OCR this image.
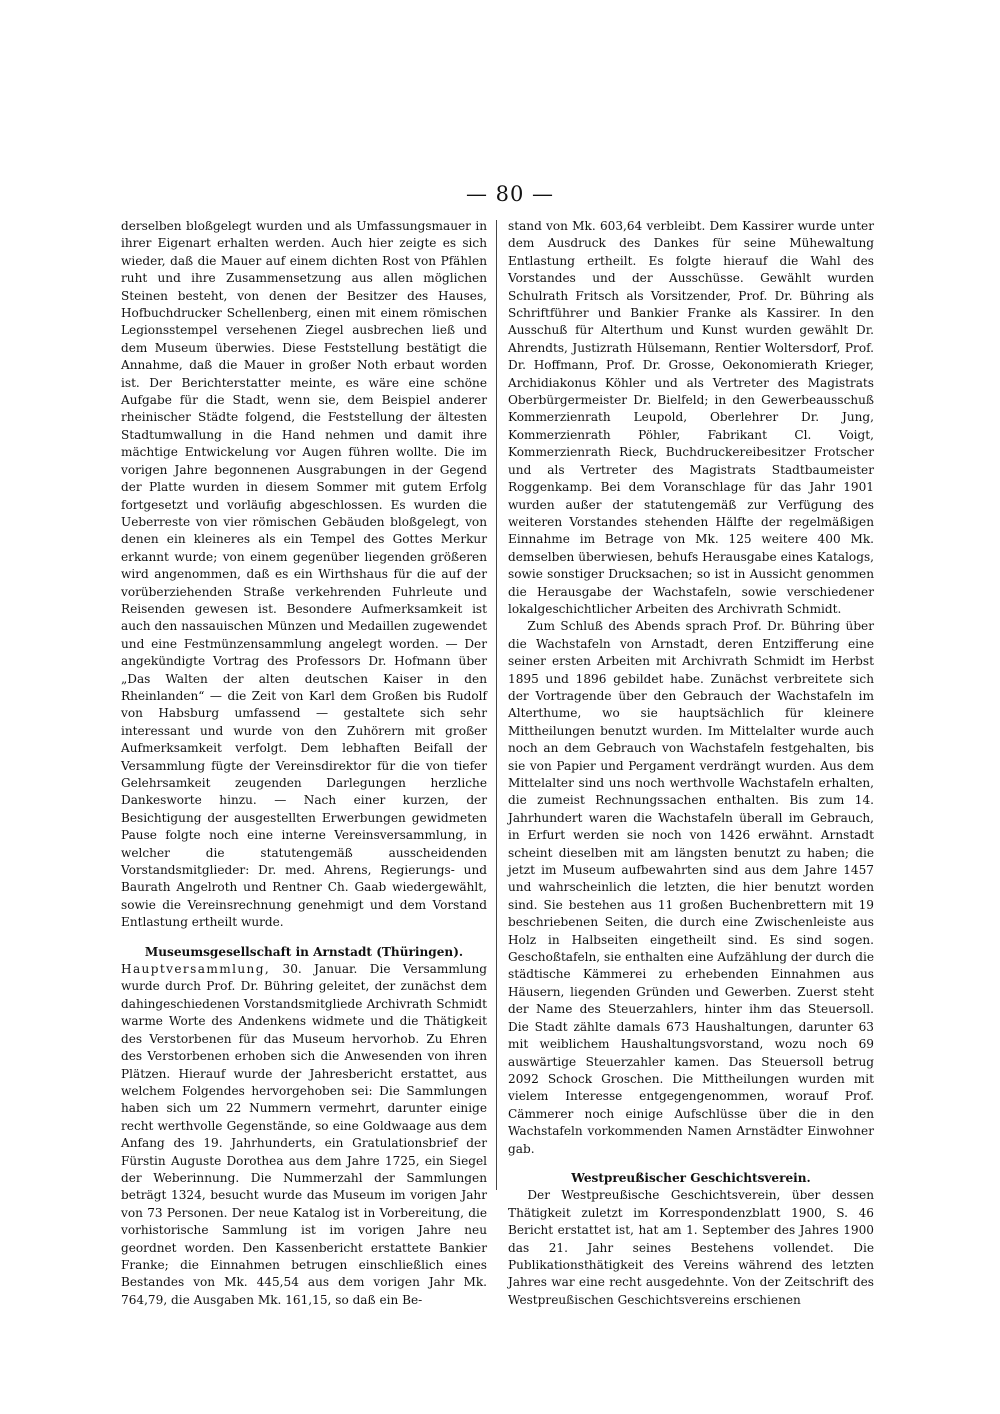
— 80 —

derselben bloßgelegt wurden und als Umfassungsmauer in ihrer Eigenart erhalten werden. Auch hier zeigte es sich wieder, daß die Mauer auf einem dichten Rost von Pfählen ruht und ihre Zusammensetzung aus allen möglichen Steinen besteht, von denen der Besitzer des Hauses, Hofbuchdrucker Schellenberg, einen mit einem römischen Legionsstempel versehenen Ziegel ausbrechen ließ und dem Museum überwies. Diese Feststellung bestätigt die Annahme, daß die Mauer in großer Noth erbaut worden ist. Der Berichterstatter meinte, es wäre eine schöne Aufgabe für die Stadt, wenn sie, dem Beispiel anderer rheinischer Städte folgend, die Feststellung der ältesten Stadtumwallung in die Hand nehmen und damit ihre mächtige Entwickelung vor Augen führen wollte. Die im vorigen Jahre begonnenen Ausgrabungen in der Gegend der Platte wurden in diesem Sommer mit gutem Erfolg fortgesetzt und vorläufig abgeschlossen. Es wurden die Ueberreste von vier römischen Gebäuden bloßgelegt, von denen ein kleineres als ein Tempel des Gottes Merkur erkannt wurde; von einem gegenüber liegenden größeren wird angenommen, daß es ein Wirthshaus für die auf der vorüberziehenden Straße verkehrenden Fuhrleute und Reisenden gewesen ist. Besondere Aufmerksamkeit ist auch den nassauischen Münzen und Medaillen zugewendet und eine Festmünzensammlung angelegt worden. — Der angekündigte Vortrag des Professors Dr. Hofmann über „Das Walten der alten deutschen Kaiser in den Rheinlanden“ — die Zeit von Karl dem Großen bis Rudolf von Habsburg umfassend — gestaltete sich sehr interessant und wurde von den Zuhörern mit großer Aufmerksamkeit verfolgt. Dem lebhaften Beifall der Versammlung fügte der Vereinsdirektor für die von tiefer Gelehrsamkeit zeugenden Darlegungen herzliche Dankesworte hinzu. — Nach einer kurzen, der Besichtigung der ausgestellten Erwerbungen gewidmeten Pause folgte noch eine interne Vereinsversammlung, in welcher die statutengemäß ausscheidenden Vorstandsmitglieder: Dr. med. Ahrens, Regierungs- und Baurath Angelroth und Rentner Ch. Gaab wiedergewählt, sowie die Vereinsrechnung genehmigt und dem Vorstand Entlastung ertheilt wurde.

Museumsgesellschaft in Arnstadt (Thüringen).

Hauptversammlung, 30. Januar. Die Versammlung wurde durch Prof. Dr. Bühring geleitet, der zunächst dem dahingeschiedenen Vorstandsmitgliede Archivrath Schmidt warme Worte des Andenkens widmete und die Thätigkeit des Verstorbenen für das Museum hervorhob. Zu Ehren des Verstorbenen erhoben sich die Anwesenden von ihren Plätzen. Hierauf wurde der Jahresbericht erstattet, aus welchem Folgendes hervorgehoben sei: Die Sammlungen haben sich um 22 Nummern vermehrt, darunter einige recht werthvolle Gegenstände, so eine Goldwaage aus dem Anfang des 19. Jahrhunderts, ein Gratulationsbrief der Fürstin Auguste Dorothea aus dem Jahre 1725, ein Siegel der Weberinnung. Die Nummerzahl der Sammlungen beträgt 1324, besucht wurde das Museum im vorigen Jahr von 73 Personen. Der neue Katalog ist in Vorbereitung, die vorhistorische Sammlung ist im vorigen Jahre neu geordnet worden. Den Kassenbericht erstattete Bankier Franke; die Einnahmen betrugen einschließlich eines Bestandes von Mk. 445,54 aus dem vorigen Jahr Mk. 764,79, die Ausgaben Mk. 161,15, so daß ein Be-

stand von Mk. 603,64 verbleibt. Dem Kassirer wurde unter dem Ausdruck des Dankes für seine Mühewaltung Entlastung ertheilt. Es folgte hierauf die Wahl des Vorstandes und der Ausschüsse. Gewählt wurden Schulrath Fritsch als Vorsitzender, Prof. Dr. Bühring als Schriftführer und Bankier Franke als Kassirer. In den Ausschuß für Alterthum und Kunst wurden gewählt Dr. Ahrendts, Justizrath Hülsemann, Rentier Woltersdorf, Prof. Dr. Hoffmann, Prof. Dr. Grosse, Oekonomierath Krieger, Archidiakonus Köhler und als Vertreter des Magistrats Oberbürgermeister Dr. Bielfeld; in den Gewerbeausschuß Kommerzienrath Leupold, Oberlehrer Dr. Jung, Kommerzienrath Pöhler, Fabrikant Cl. Voigt, Kommerzienrath Rieck, Buchdruckereibesitzer Frotscher und als Vertreter des Magistrats Stadtbaumeister Roggenkamp. Bei dem Voranschlage für das Jahr 1901 wurden außer der statutengemäß zur Verfügung des weiteren Vorstandes stehenden Hälfte der regelmäßigen Einnahme im Betrage von Mk. 125 weitere 400 Mk. demselben überwiesen, behufs Herausgabe eines Katalogs, sowie sonstiger Drucksachen; so ist in Aussicht genommen die Herausgabe der Wachstafeln, sowie verschiedener lokalgeschichtlicher Arbeiten des Archivrath Schmidt.

Zum Schluß des Abends sprach Prof. Dr. Bühring über die Wachstafeln von Arnstadt, deren Entzifferung eine seiner ersten Arbeiten mit Archivrath Schmidt im Herbst 1895 und 1896 gebildet habe. Zunächst verbreitete sich der Vortragende über den Gebrauch der Wachstafeln im Alterthume, wo sie hauptsächlich für kleinere Mittheilungen benutzt wurden. Im Mittelalter wurde auch noch an dem Gebrauch von Wachstafeln festgehalten, bis sie von Papier und Pergament verdrängt wurden. Aus dem Mittelalter sind uns noch werthvolle Wachstafeln erhalten, die zumeist Rechnungssachen enthalten. Bis zum 14. Jahrhundert waren die Wachstafeln überall im Gebrauch, in Erfurt werden sie noch von 1426 erwähnt. Arnstadt scheint dieselben mit am längsten benutzt zu haben; die jetzt im Museum aufbewahrten sind aus dem Jahre 1457 und wahrscheinlich die letzten, die hier benutzt worden sind. Sie bestehen aus 11 großen Buchenbrettern mit 19 beschriebenen Seiten, die durch eine Zwischenleiste aus Holz in Halbseiten eingetheilt sind. Es sind sogen. Geschoßtafeln, sie enthalten eine Aufzählung der durch die städtische Kämmerei zu erhebenden Einnahmen aus Häusern, liegenden Gründen und Gewerben. Zuerst steht der Name des Steuerzahlers, hinter ihm das Steuersoll. Die Stadt zählte damals 673 Haushaltungen, darunter 63 mit weiblichem Haushaltungsvorstand, wozu noch 69 auswärtige Steuerzahler kamen. Das Steuersoll betrug 2092 Schock Groschen. Die Mittheilungen wurden mit vielem Interesse entgegengenommen, worauf Prof. Cämmerer noch einige Aufschlüsse über die in den Wachstafeln vorkommenden Namen Arnstädter Einwohner gab.

Westpreußischer Geschichtsverein.

Der Westpreußische Geschichtsverein, über dessen Thätigkeit zuletzt im Korrespondenzblatt 1900, S. 46 Bericht erstattet ist, hat am 1. September des Jahres 1900 das 21. Jahr seines Bestehens vollendet. Die Publikationsthätigkeit des Vereins während des letzten Jahres war eine recht ausgedehnte. Von der Zeitschrift des Westpreußischen Geschichtsvereins erschienen
